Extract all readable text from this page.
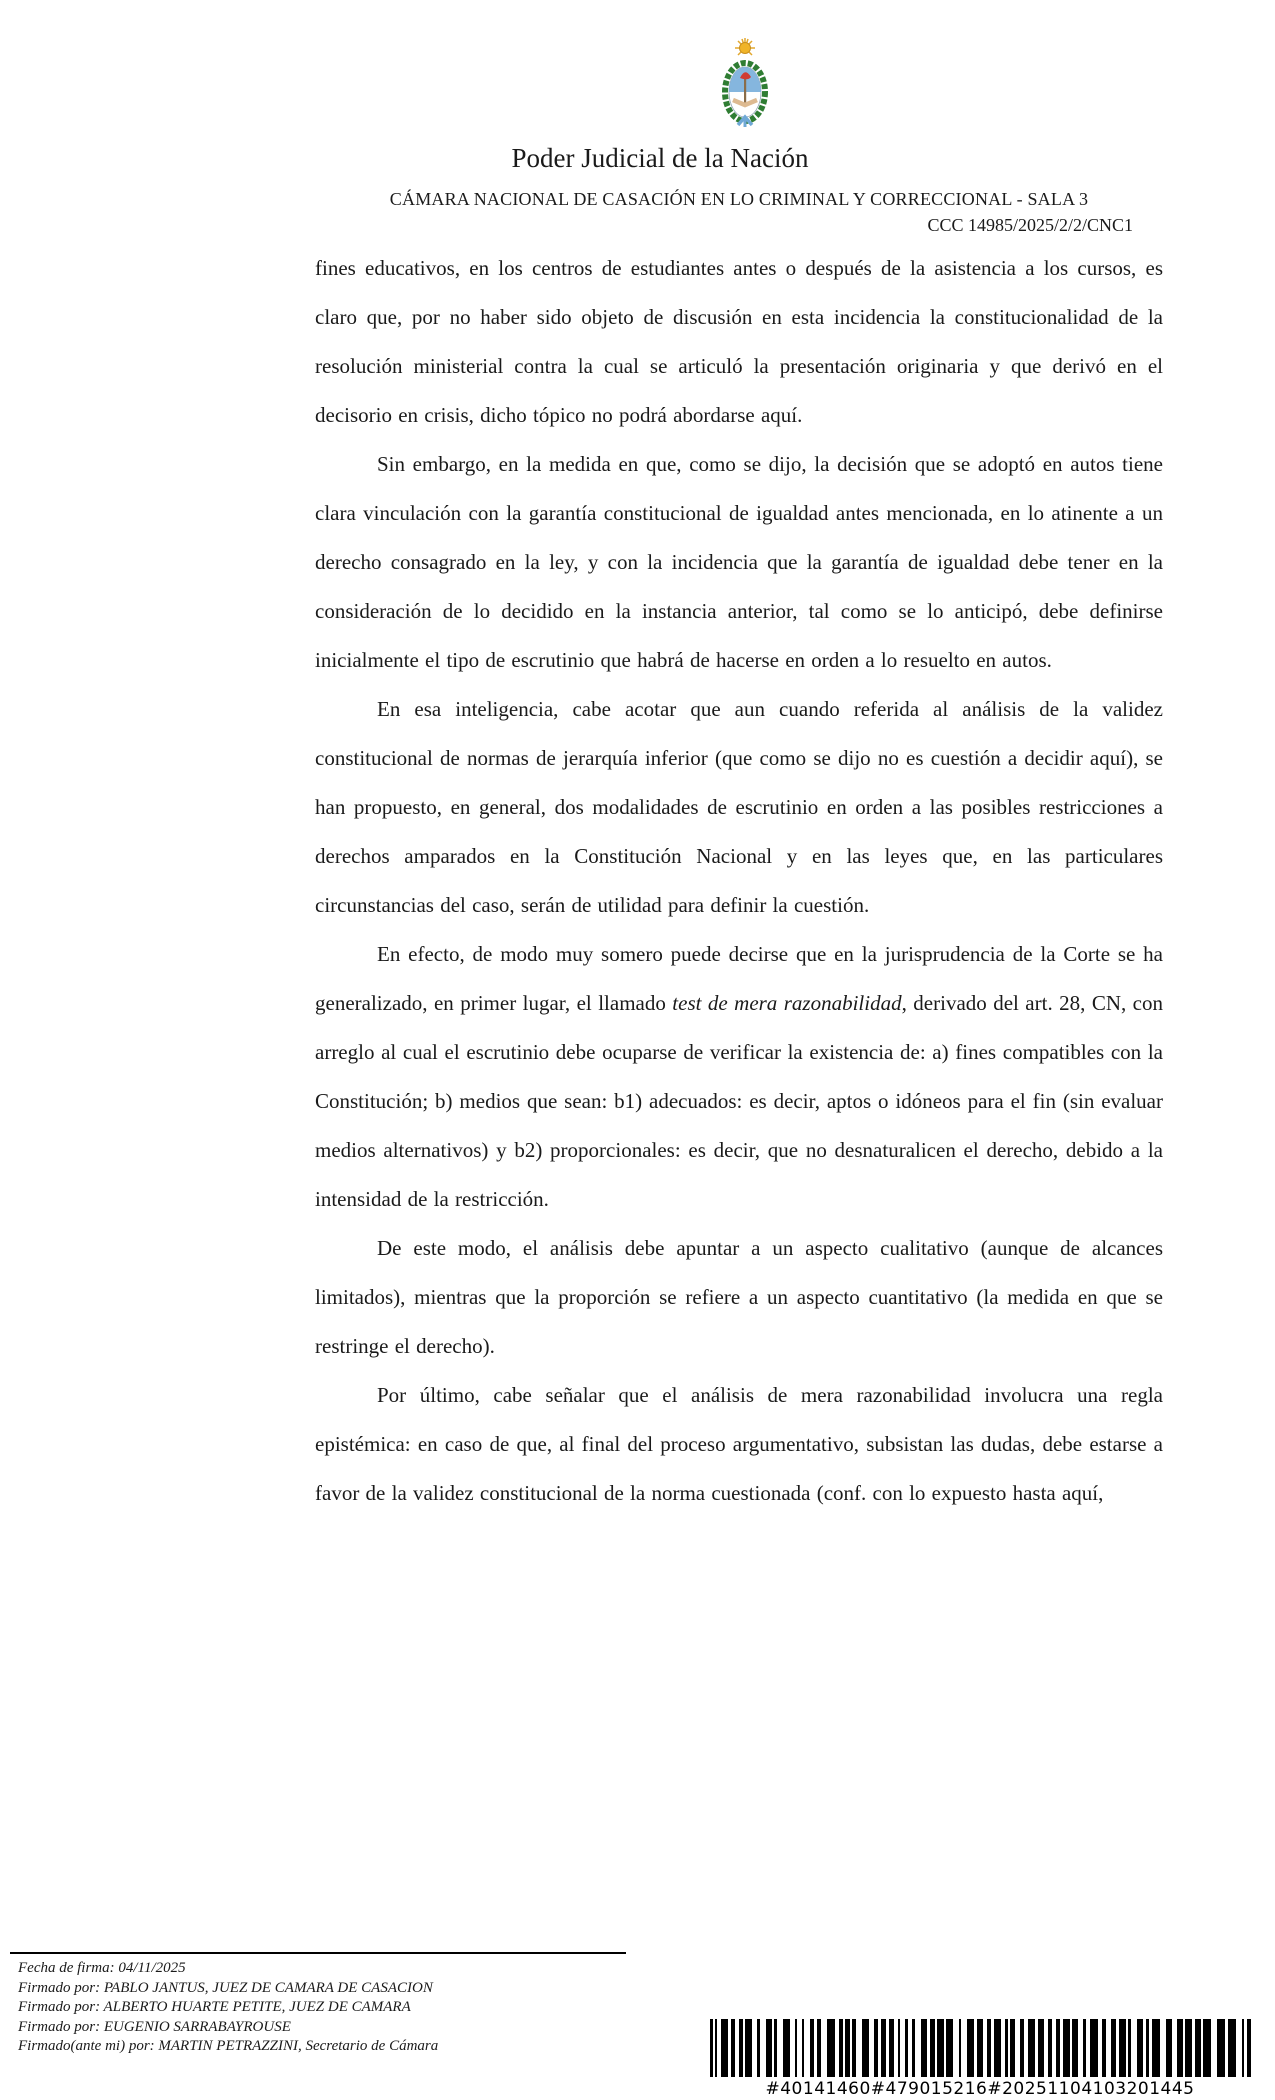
Poder Judicial de la Nación
CÁMARA NACIONAL DE CASACIÓN EN LO CRIMINAL Y CORRECCIONAL - SALA 3
CCC 14985/2025/2/2/CNC1

fines educativos, en los centros de estudiantes antes o después de la asistencia a los cursos, es claro que, por no haber sido objeto de discusión en esta incidencia la constitucionalidad de la resolución ministerial contra la cual se articuló la presentación originaria y que derivó en el decisorio en crisis, dicho tópico no podrá abordarse aquí.

Sin embargo, en la medida en que, como se dijo, la decisión que se adoptó en autos tiene clara vinculación con la garantía constitucional de igualdad antes mencionada, en lo atinente a un derecho consagrado en la ley, y con la incidencia que la garantía de igualdad debe tener en la consideración de lo decidido en la instancia anterior, tal como se lo anticipó, debe definirse inicialmente el tipo de escrutinio que habrá de hacerse en orden a lo resuelto en autos.

En esa inteligencia, cabe acotar que aun cuando referida al análisis de la validez constitucional de normas de jerarquía inferior (que como se dijo no es cuestión a decidir aquí), se han propuesto, en general, dos modalidades de escrutinio en orden a las posibles restricciones a derechos amparados en la Constitución Nacional y en las leyes que, en las particulares circunstancias del caso, serán de utilidad para definir la cuestión.

En efecto, de modo muy somero puede decirse que en la jurisprudencia de la Corte se ha generalizado, en primer lugar, el llamado test de mera razonabilidad, derivado del art. 28, CN, con arreglo al cual el escrutinio debe ocuparse de verificar la existencia de: a) fines compatibles con la Constitución; b) medios que sean: b1) adecuados: es decir, aptos o idóneos para el fin (sin evaluar medios alternativos) y b2) proporcionales: es decir, que no desnaturalicen el derecho, debido a la intensidad de la restricción.

De este modo, el análisis debe apuntar a un aspecto cualitativo (aunque de alcances limitados), mientras que la proporción se refiere a un aspecto cuantitativo (la medida en que se restringe el derecho).

Por último, cabe señalar que el análisis de mera razonabilidad involucra una regla epistémica: en caso de que, al final del proceso argumentativo, subsistan las dudas, debe estarse a favor de la validez constitucional de la norma cuestionada (conf. con lo expuesto hasta aquí,

Fecha de firma: 04/11/2025
Firmado por: PABLO JANTUS, JUEZ DE CAMARA DE CASACION
Firmado por: ALBERTO HUARTE PETITE, JUEZ DE CAMARA
Firmado por: EUGENIO SARRABAYROUSE
Firmado(ante mi) por: MARTIN PETRAZZINI, Secretario de Cámara
#40141460#479015216#20251104103201445
